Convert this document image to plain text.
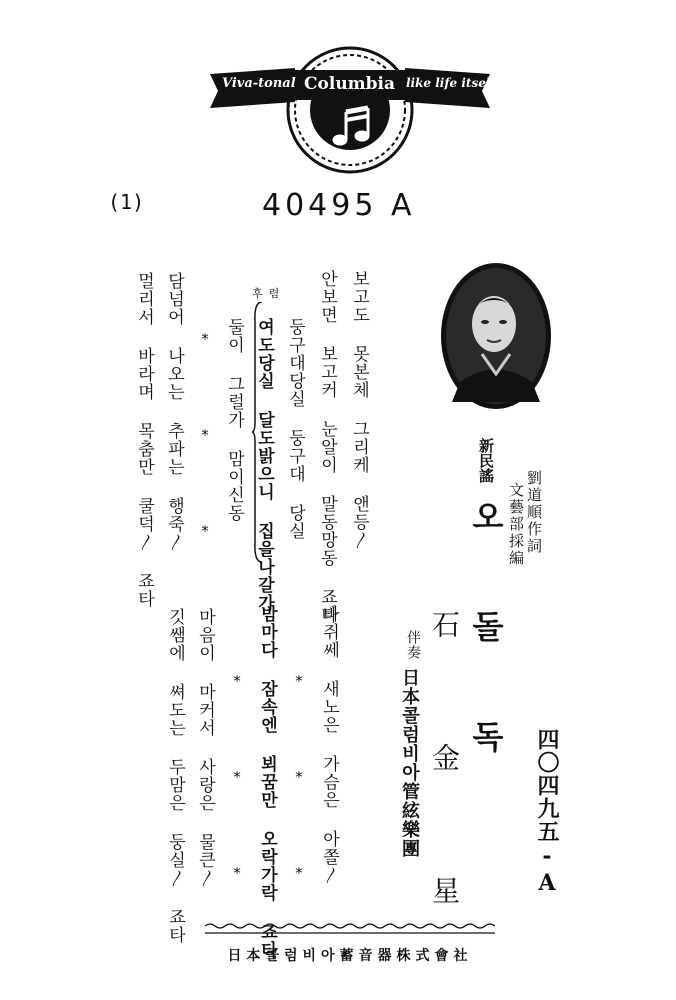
Viva-tonal Columbia like life itself
(1)	40495 A
新民謠
오 돌 독 劉道順作詞
文藝部採編
石 金 星
伴奏
日本콜럼비아管絃樂團	四〇四九五-A
보고도 못본체 그리케 앤등〳
안보면 보고커 눈알이 말동망동 죠타
후렴
둥구대당실 둥구대 당실
여도당실 달도밝으니 집을나갈가
둘이 그럴가 맘이신동
* * *
담넘어 나오는 추파는 행죽〳
멀리서 바라며 목춤만 쿨덕〳 죠타
바쥐쎄 새노은 가슴은 아쫄〳
* * *
밤마다 잠속엔 뵈꿈만 오락가락 죠타
* * *
마음이 마커서 사랑은 물큰〳
깃쌤에 쎠도는 두맘은 둥실〳 죠타
日本콜럼비아蓄音器株式會社
